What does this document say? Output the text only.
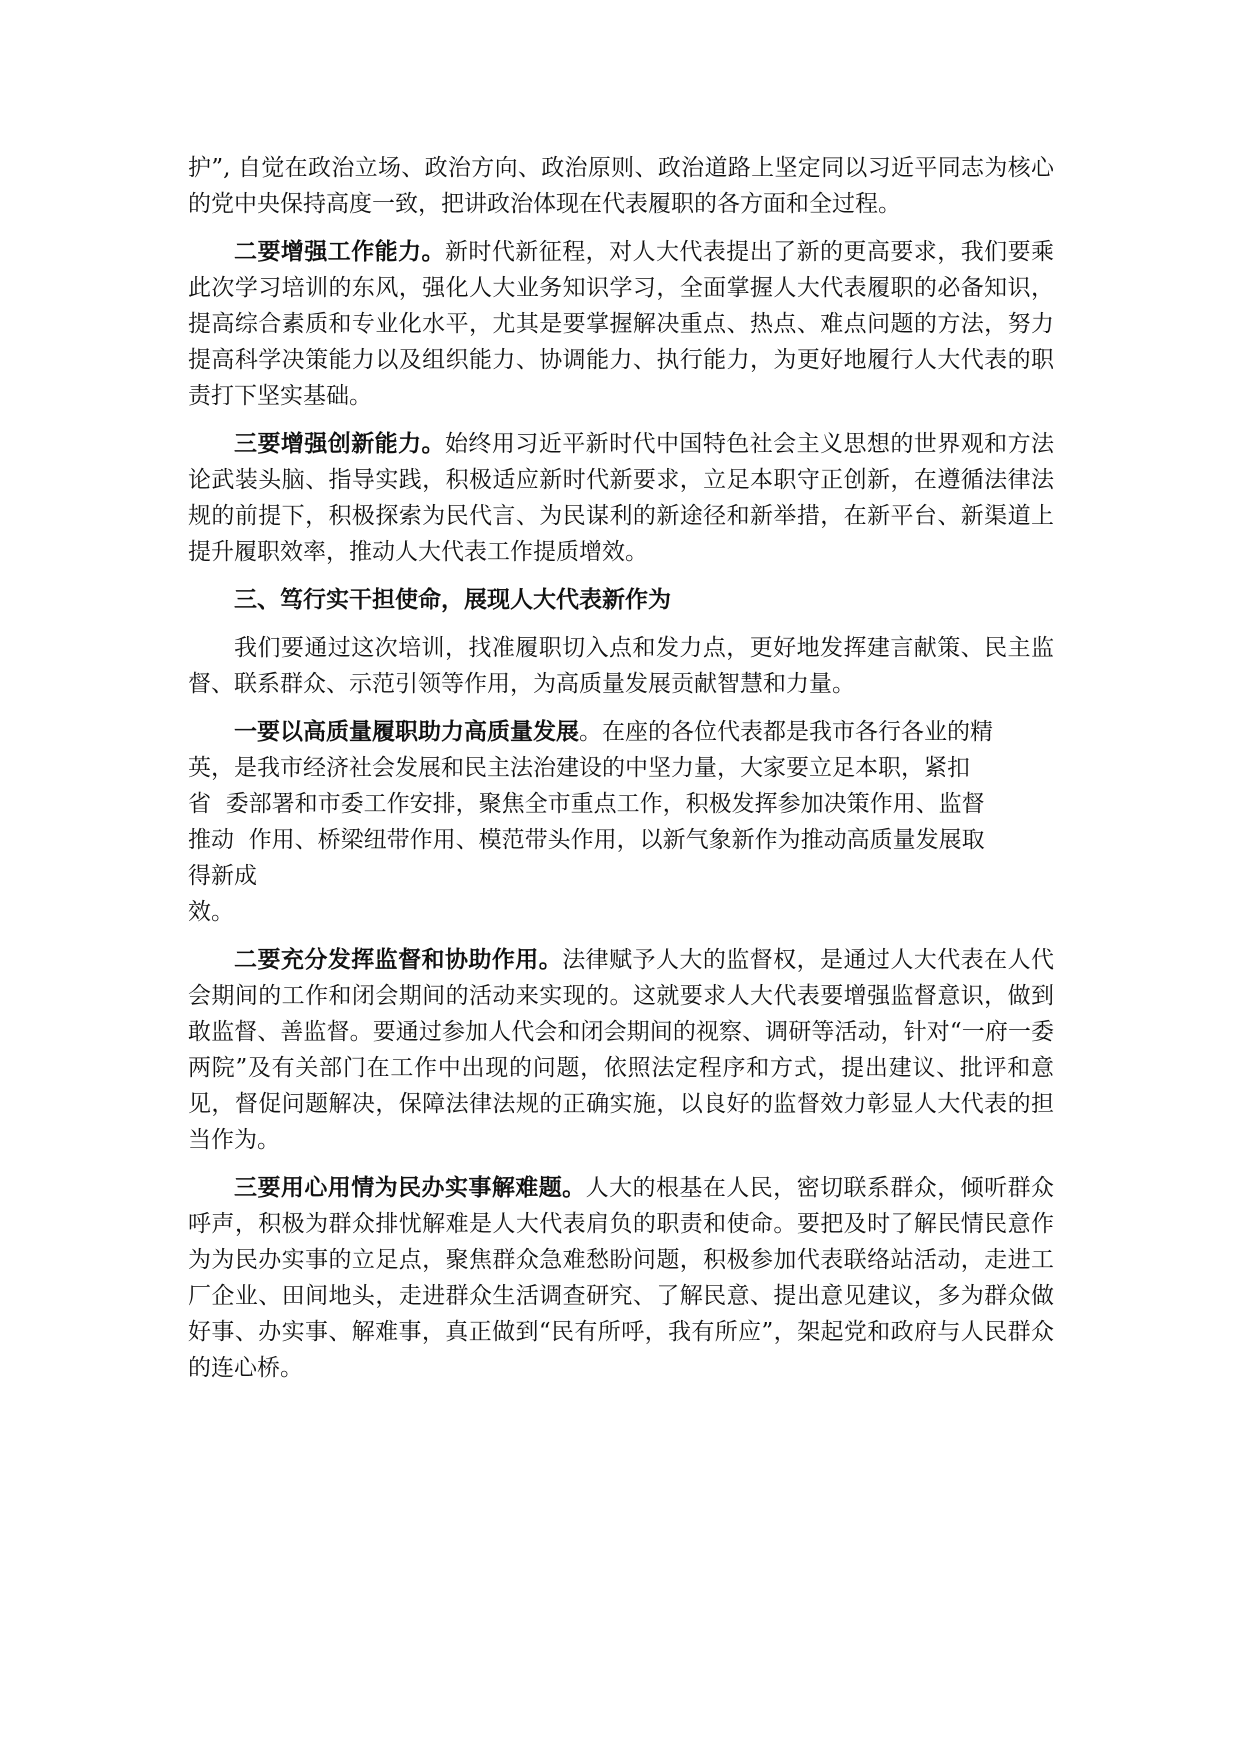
护”, 自觉在政治立场、政治方向、政治原则、政治道路上坚定同以习近平同志为核心的党中央保持高度一致，把讲政治体现在代表履职的各方面和全过程。

二要增强工作能力。新时代新征程，对人大代表提出了新的更高要求，我们要乘此次学习培训的东风，强化人大业务知识学习，全面掌握人大代表履职的必备知识，提高综合素质和专业化水平，尤其是要掌握解决重点、热点、难点问题的方法，努力提高科学决策能力以及组织能力、协调能力、执行能力，为更好地履行人大代表的职责打下坚实基础。

三要增强创新能力。始终用习近平新时代中国特色社会主义思想的世界观和方法论武装头脑、指导实践，积极适应新时代新要求，立足本职守正创新，在遵循法律法规的前提下，积极探索为民代言、为民谋利的新途径和新举措，在新平台、新渠道上提升履职效率，推动人大代表工作提质增效。

三、笃行实干担使命，展现人大代表新作为

我们要通过这次培训，找准履职切入点和发力点，更好地发挥建言献策、民主监督、联系群众、示范引领等作用，为高质量发展贡献智慧和力量。

一要以高质量履职助力高质量发展。在座的各位代表都是我市各行各业的精
英，是我市经济社会发展和民主法治建设的中坚力量，大家要立足本职，紧扣
省  委部署和市委工作安排，聚焦全市重点工作，积极发挥参加决策作用、监督
推动  作用、桥梁纽带作用、模范带头作用，以新气象新作为推动高质量发展取
得新成
效。

二要充分发挥监督和协助作用。法律赋予人大的监督权，是通过人大代表在人代会期间的工作和闭会期间的活动来实现的。这就要求人大代表要增强监督意识，做到敢监督、善监督。要通过参加人代会和闭会期间的视察、调研等活动，针对“一府一委两院”及有关部门在工作中出现的问题，依照法定程序和方式，提出建议、批评和意见，督促问题解决，保障法律法规的正确实施，以良好的监督效力彰显人大代表的担当作为。

三要用心用情为民办实事解难题。人大的根基在人民，密切联系群众，倾听群众呼声，积极为群众排忧解难是人大代表肩负的职责和使命。要把及时了解民情民意作为为民办实事的立足点，聚焦群众急难愁盼问题，积极参加代表联络站活动，走进工厂企业、田间地头，走进群众生活调查研究、了解民意、提出意见建议，多为群众做好事、办实事、解难事，真正做到“民有所呼，我有所应”，架起党和政府与人民群众的连心桥。
